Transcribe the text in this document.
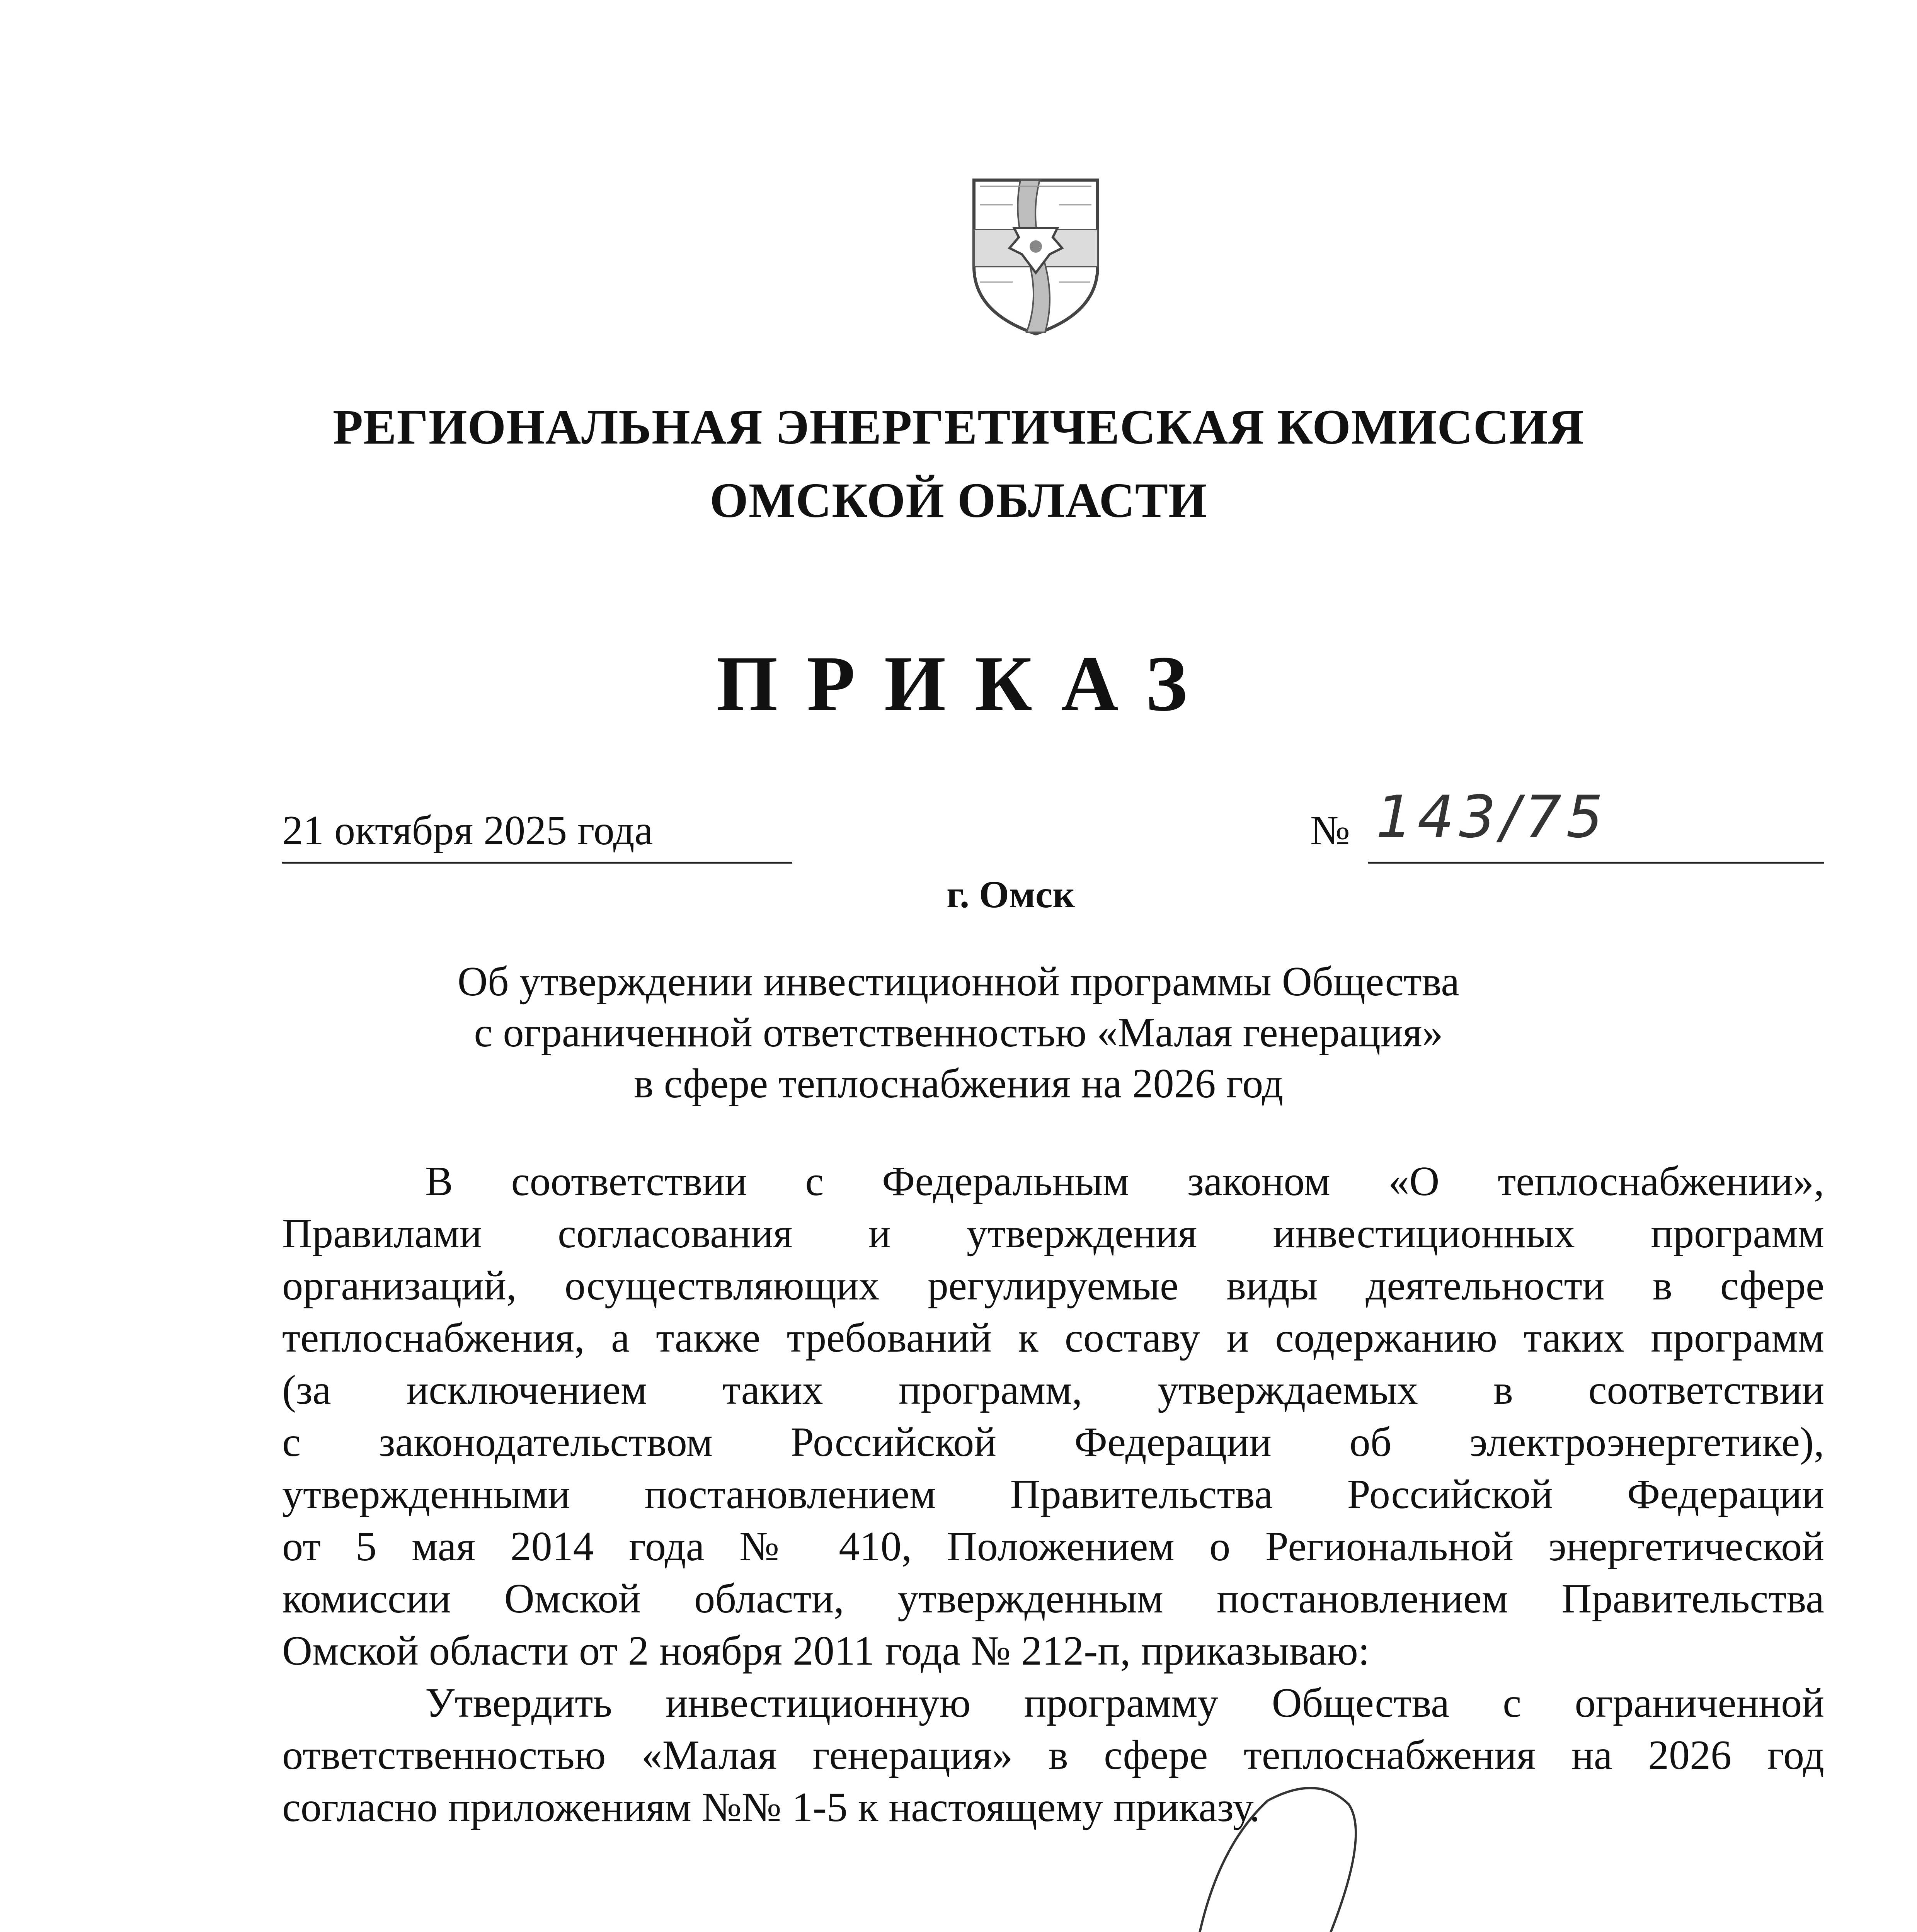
РЕГИОНАЛЬНАЯ ЭНЕРГЕТИЧЕСКАЯ КОМИССИЯ
ОМСКОЙ ОБЛАСТИ
ПРИКАЗ
21 октября 2025 года	№ 143/75
г. Омск
Об утверждении инвестиционной программы Общества
с ограниченной ответственностью «Малая генерация»
в сфере теплоснабжения на 2026 год
В соответствии с Федеральным законом «О теплоснабжении»,
Правилами согласования и утверждения инвестиционных программ
организаций, осуществляющих регулируемые виды деятельности в сфере
теплоснабжения, а также требований к составу и содержанию таких программ
(за исключением таких программ, утверждаемых в соответствии
с законодательством Российской Федерации об электроэнергетике),
утвержденными постановлением Правительства Российской Федерации
от 5 мая 2014 года № 410, Положением о Региональной энергетической
комиссии Омской области, утвержденным постановлением Правительства
Омской области от 2 ноября 2011 года № 212-п, приказываю:
Утвердить инвестиционную программу Общества с ограниченной
ответственностью «Малая генерация» в сфере теплоснабжения на 2026 год
согласно приложениям №№ 1-5 к настоящему приказу.
